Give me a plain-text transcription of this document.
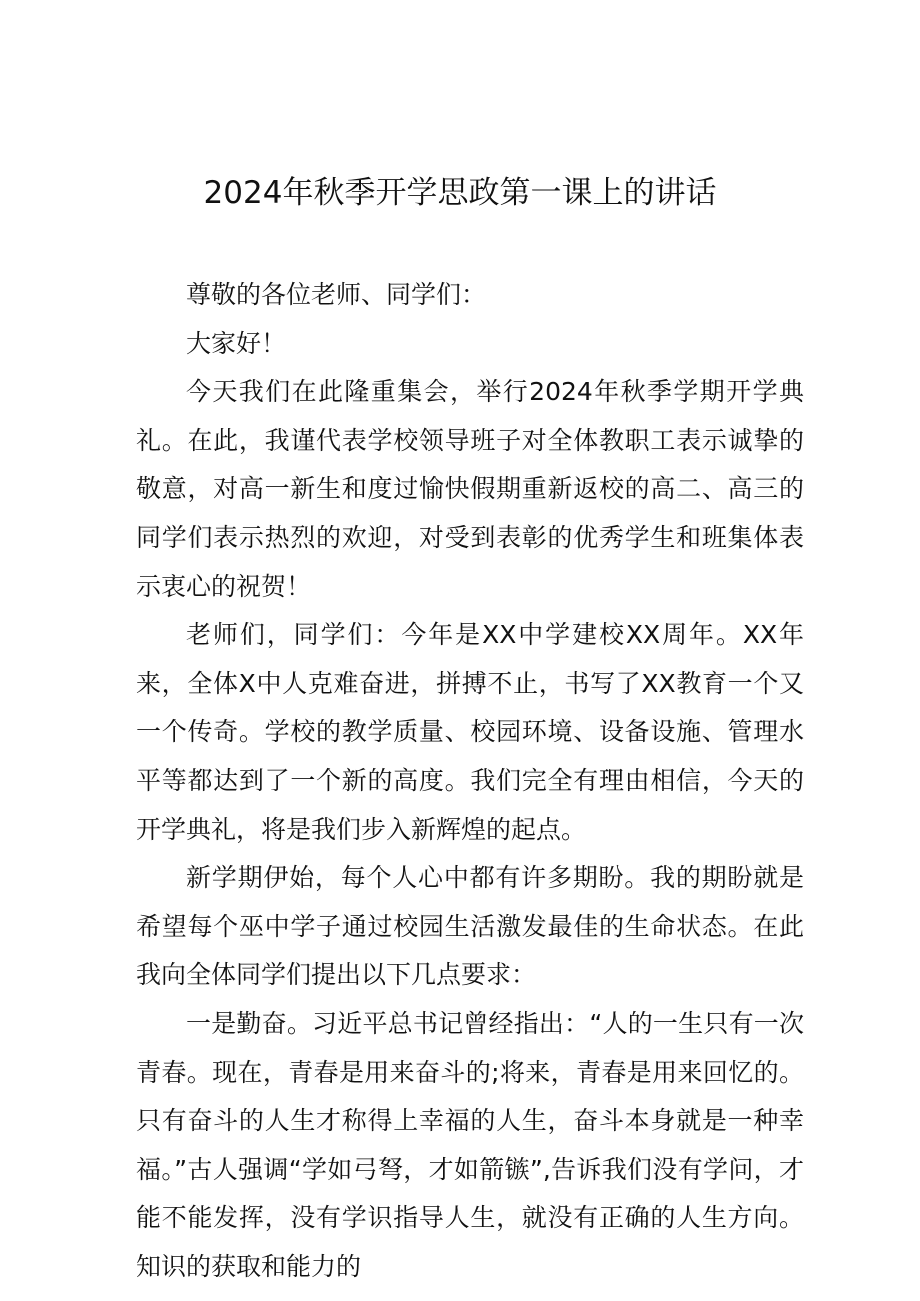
2024年秋季开学思政第一课上的讲话

尊敬的各位老师、同学们：

大家好！

今天我们在此隆重集会，举行2024年秋季学期开学典礼。在此，我谨代表学校领导班子对全体教职工表示诚挚的敬意，对高一新生和度过愉快假期重新返校的高二、高三的同学们表示热烈的欢迎，对受到表彰的优秀学生和班集体表示衷心的祝贺！

老师们，同学们：今年是XX中学建校XX周年。XX年来，全体X中人克难奋进，拼搏不止，书写了XX教育一个又一个传奇。学校的教学质量、校园环境、设备设施、管理水平等都达到了一个新的高度。我们完全有理由相信，今天的开学典礼，将是我们步入新辉煌的起点。

新学期伊始，每个人心中都有许多期盼。我的期盼就是希望每个巫中学子通过校园生活激发最佳的生命状态。在此我向全体同学们提出以下几点要求：

一是勤奋。习近平总书记曾经指出：“人的一生只有一次青春。现在，青春是用来奋斗的;将来，青春是用来回忆的。只有奋斗的人生才称得上幸福的人生，奋斗本身就是一种幸福。”古人强调“学如弓弩，才如箭镞”,告诉我们没有学问，才能不能发挥，没有学识指导人生，就没有正确的人生方向。知识的获取和能力的
